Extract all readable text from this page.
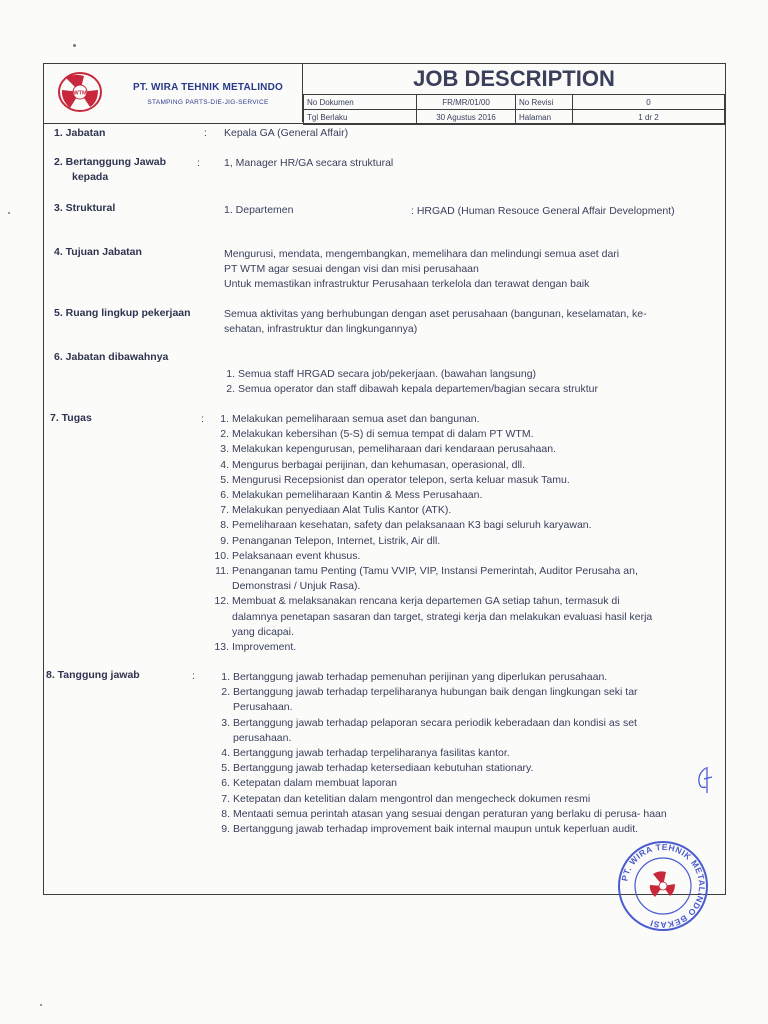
WTM
PT. WIRA TEHNIK METALINDO
STAMPING PARTS-DIE-JIG-SERVICE
JOB DESCRIPTION
No Dokumen	FR/MR/01/00	No Revisi	0
Tgl Berlaku	30 Agustus 2016	Halaman	1 dr 2
1. Jabatan	: Kepala GA (General Affair)
2. Bertanggung Jawab
kepada
: 1, Manager HR/GA secara struktural
3. Struktural	1. Departemen	: HRGAD (Human Resouce General Affair Development)
4. Tujuan Jabatan	Mengurusi, mendata, mengembangkan, memelihara dan melindungi semua aset dari
PT WTM agar sesuai dengan visi dan misi perusahaan
Untuk memastikan infrastruktur Perusahaan terkelola dan terawat dengan baik
5. Ruang lingkup pekerjaan	Semua aktivitas yang berhubungan dengan aset perusahaan (bangunan, keselamatan, ke-
sehatan, infrastruktur dan lingkungannya)
6. Jabatan dibawahnya
1. Semua staff HRGAD secara job/pekerjaan. (bawahan langsung)
2. Semua operator dan staff dibawah kepala departemen/bagian secara struktur
7. Tugas	:	1. Melakukan pemeliharaan semua aset dan bangunan.
2. Melakukan kebersihan (5-S) di semua tempat di dalam PT WTM.
3. Melakukan kepengurusan, pemeliharaan dari kendaraan perusahaan.
4. Mengurus berbagai perijinan, dan kehumasan, operasional, dll.
5. Mengurusi Recepsionist dan operator telepon, serta keluar masuk Tamu.
6. Melakukan pemeliharaan Kantin & Mess Perusahaan.
7. Melakukan penyediaan Alat Tulis Kantor (ATK).
8. Pemeliharaan kesehatan, safety dan pelaksanaan K3 bagi seluruh karyawan.
9. Penanganan Telepon, Internet, Listrik, Air dll.
10. Pelaksanaan event khusus.
11. Penanganan tamu Penting (Tamu VVIP, VIP, Instansi Pemerintah, Auditor Perusaha an, Demonstrasi / Unjuk Rasa).
12. Membuat & melaksanakan rencana kerja departemen GA setiap tahun, termasuk di dalamnya penetapan sasaran dan target, strategi kerja dan melakukan evaluasi hasil kerja yang dicapai.
13. Improvement.
8. Tanggung jawab	:	1. Bertanggung jawab terhadap pemenuhan perijinan yang diperlukan perusahaan.
2. Bertanggung jawab terhadap terpeliharanya hubungan baik dengan lingkungan seki tar Perusahaan.
3. Bertanggung jawab terhadap pelaporan secara periodik keberadaan dan kondisi as set perusahaan.
4. Bertanggung jawab terhadap terpeliharanya fasilitas kantor.
5. Bertanggung jawab terhadap ketersediaan kebutuhan stationary.
6. Ketepatan dalam membuat laporan
7. Ketepatan dan ketelitian dalam mengontrol dan mengecheck dokumen resmi
8. Mentaati semua perintah atasan yang sesuai dengan peraturan yang berlaku di perusa- haan
9. Bertanggung jawab terhadap improvement baik internal maupun untuk keperluan audit.
PT. WIRA TEHNIK METALINDO BEKASI
